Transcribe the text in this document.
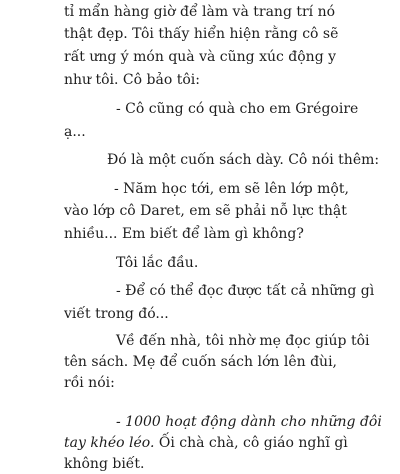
tỉ mẩn hàng giờ để làm và trang trí nó

thật đẹp. Tôi thấy hiển hiện rằng cô sẽ

rất ưng ý món quà và cũng xúc động y

như tôi. Cô bảo tôi:

- Cô cũng có quà cho em Grégoire

ạ...

Đó là một cuốn sách dày. Cô nói thêm:

- Năm học tới, em sẽ lên lớp một,

vào lớp cô Daret, em sẽ phải nỗ lực thật

nhiều... Em biết để làm gì không?

Tôi lắc đầu.

- Để có thể đọc được tất cả những gì

viết trong đó...

Về đến nhà, tôi nhờ mẹ đọc giúp tôi

tên sách. Mẹ để cuốn sách lớn lên đùi,

rồi nói:

- 1000 hoạt động dành cho những đôi

tay khéo léo. Ối chà chà, cô giáo nghĩ gì

không biết.
